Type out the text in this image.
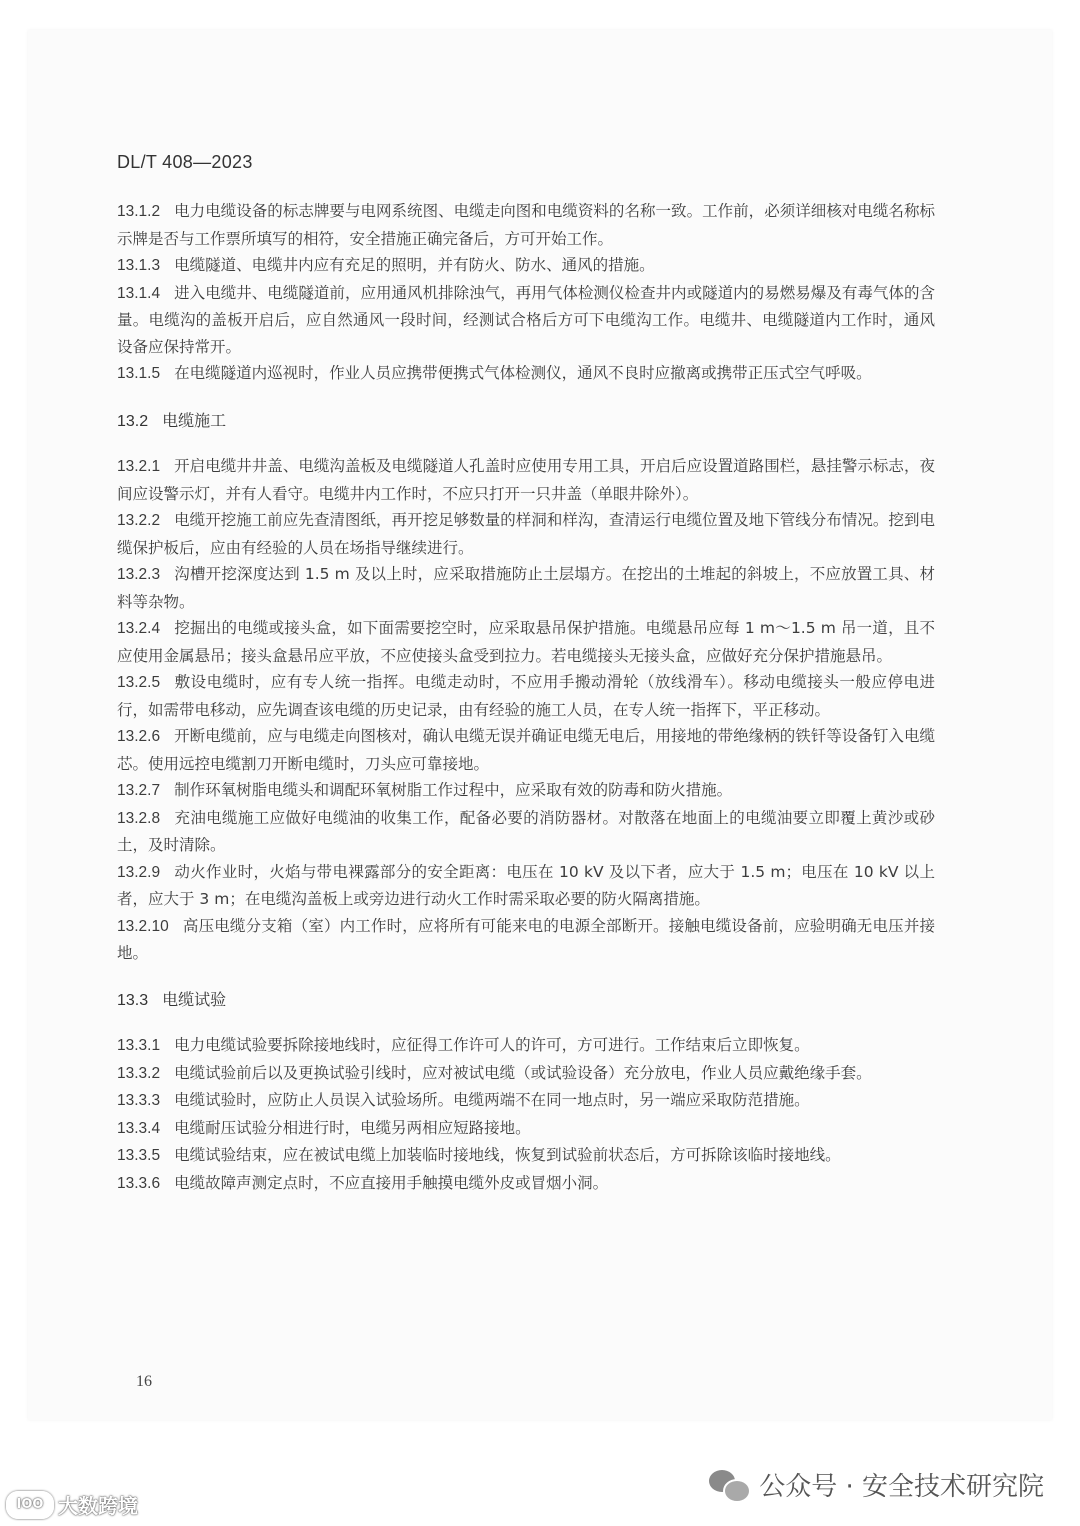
DL/T 408—2023
13.1.2 电力电缆设备的标志牌要与电网系统图、电缆走向图和电缆资料的名称一致。工作前，必须详细核对电缆名称标示牌是否与工作票所填写的相符，安全措施正确完备后，方可开始工作。
13.1.3 电缆隧道、电缆井内应有充足的照明，并有防火、防水、通风的措施。
13.1.4 进入电缆井、电缆隧道前，应用通风机排除浊气，再用气体检测仪检查井内或隧道内的易燃易爆及有毒气体的含量。电缆沟的盖板开启后，应自然通风一段时间，经测试合格后方可下电缆沟工作。电缆井、电缆隧道内工作时，通风设备应保持常开。
13.1.5 在电缆隧道内巡视时，作业人员应携带便携式气体检测仪，通风不良时应撤离或携带正压式空气呼吸。
13.2 电缆施工
13.2.1 开启电缆井井盖、电缆沟盖板及电缆隧道人孔盖时应使用专用工具，开启后应设置道路围栏，悬挂警示标志，夜间应设警示灯，并有人看守。电缆井内工作时，不应只打开一只井盖（单眼井除外）。
13.2.2 电缆开挖施工前应先查清图纸，再开挖足够数量的样洞和样沟，查清运行电缆位置及地下管线分布情况。挖到电缆保护板后，应由有经验的人员在场指导继续进行。
13.2.3 沟槽开挖深度达到 1.5 m 及以上时，应采取措施防止土层塌方。在挖出的土堆起的斜坡上，不应放置工具、材料等杂物。
13.2.4 挖掘出的电缆或接头盒，如下面需要挖空时，应采取悬吊保护措施。电缆悬吊应每 1 m～1.5 m 吊一道，且不应使用金属悬吊；接头盒悬吊应平放，不应使接头盒受到拉力。若电缆接头无接头盒，应做好充分保护措施悬吊。
13.2.5 敷设电缆时，应有专人统一指挥。电缆走动时，不应用手搬动滑轮（放线滑车）。移动电缆接头一般应停电进行，如需带电移动，应先调查该电缆的历史记录，由有经验的施工人员，在专人统一指挥下，平正移动。
13.2.6 开断电缆前，应与电缆走向图核对，确认电缆无误并确证电缆无电后，用接地的带绝缘柄的铁钎等设备钉入电缆芯。使用远控电缆割刀开断电缆时，刀头应可靠接地。
13.2.7 制作环氧树脂电缆头和调配环氧树脂工作过程中，应采取有效的防毒和防火措施。
13.2.8 充油电缆施工应做好电缆油的收集工作，配备必要的消防器材。对散落在地面上的电缆油要立即覆上黄沙或砂土，及时清除。
13.2.9 动火作业时，火焰与带电裸露部分的安全距离：电压在 10 kV 及以下者，应大于 1.5 m；电压在 10 kV 以上者，应大于 3 m；在电缆沟盖板上或旁边进行动火工作时需采取必要的防火隔离措施。
13.2.10 高压电缆分支箱（室）内工作时，应将所有可能来电的电源全部断开。接触电缆设备前，应验明确无电压并接地。
13.3 电缆试验
13.3.1 电力电缆试验要拆除接地线时，应征得工作许可人的许可，方可进行。工作结束后立即恢复。
13.3.2 电缆试验前后以及更换试验引线时，应对被试电缆（或试验设备）充分放电，作业人员应戴绝缘手套。
13.3.3 电缆试验时，应防止人员误入试验场所。电缆两端不在同一地点时，另一端应采取防范措施。
13.3.4 电缆耐压试验分相进行时，电缆另两相应短路接地。
13.3.5 电缆试验结束，应在被试电缆上加装临时接地线，恢复到试验前状态后，方可拆除该临时接地线。
13.3.6 电缆故障声测定点时，不应直接用手触摸电缆外皮或冒烟小洞。
16
公众号 · 安全技术研究院
IOO 大数跨境
